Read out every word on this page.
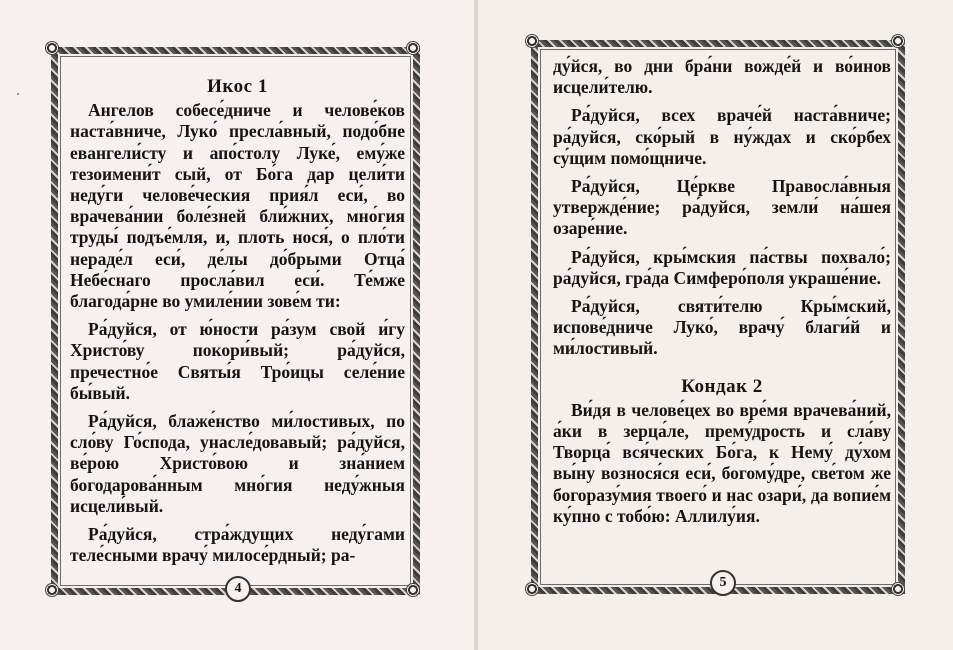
Икос 1

Ангелов собесе́дниче и челове́ков наста́вниче, Луко́ пресла́вный, подо́бне евангели́сту и апо́столу Луке́, ему́же тезоимени́т сый, от Бо́га дар цели́ти неду́ги челове́ческия прия́л еси́, во врачева́нии боле́зней бли́жних, мно́гия труды́ подъе́мля, и, плоть нося́, о пло́ти нераде́л еси́, де́лы до́брыми Отца́ Небе́снаго просла́вил еси́. Те́мже благода́рне во умиле́нии зове́м ти:

Ра́дуйся, от ю́ности ра́зум свой и́гу Христо́ву покори́вый; ра́дуйся, пречестно́е Святы́я Тро́ицы селе́ние бы́вый.

Ра́дуйся, блаже́нство ми́лостивых, по сло́ву Го́спода, унасле́довавый; ра́дуйся, ве́рою Христо́вою и зна́нием богодарова́нным мно́гия неду́жныя исцели́вый.

Ра́дуйся, стра́ждущих неду́гами теле́сными врачу́ милосе́рдный; ра-

4

ду́йся, во дни бра́ни вожде́й и во́инов исцели́телю.

Ра́дуйся, всех враче́й наста́вниче; ра́дуйся, ско́рый в ну́ждах и ско́рбех су́щим помо́щниче.

Ра́дуйся, Це́ркве Правосла́вныя утвержде́ние; ра́дуйся, земли́ на́шея озаре́ние.

Ра́дуйся, кры́мския па́ствы похвало́; ра́дуйся, гра́да Симферо́поля украше́ние.

Ра́дуйся, святи́телю Кры́мский, испове́дниче Луко́, врачу́ благи́й и ми́лостивый.

Кондак 2

Ви́дя в челове́цех во вре́мя врачева́ний, а́ки в зерца́ле, прему́дрость и сла́ву Творца́ вся́ческих Бо́га, к Нему́ ду́хом вы́ну вознося́ся еси́, богому́дре, све́том же богоразу́мия твоего́ и нас озари́, да вопие́м ку́пно с тобо́ю: Аллилу́ия.

5
